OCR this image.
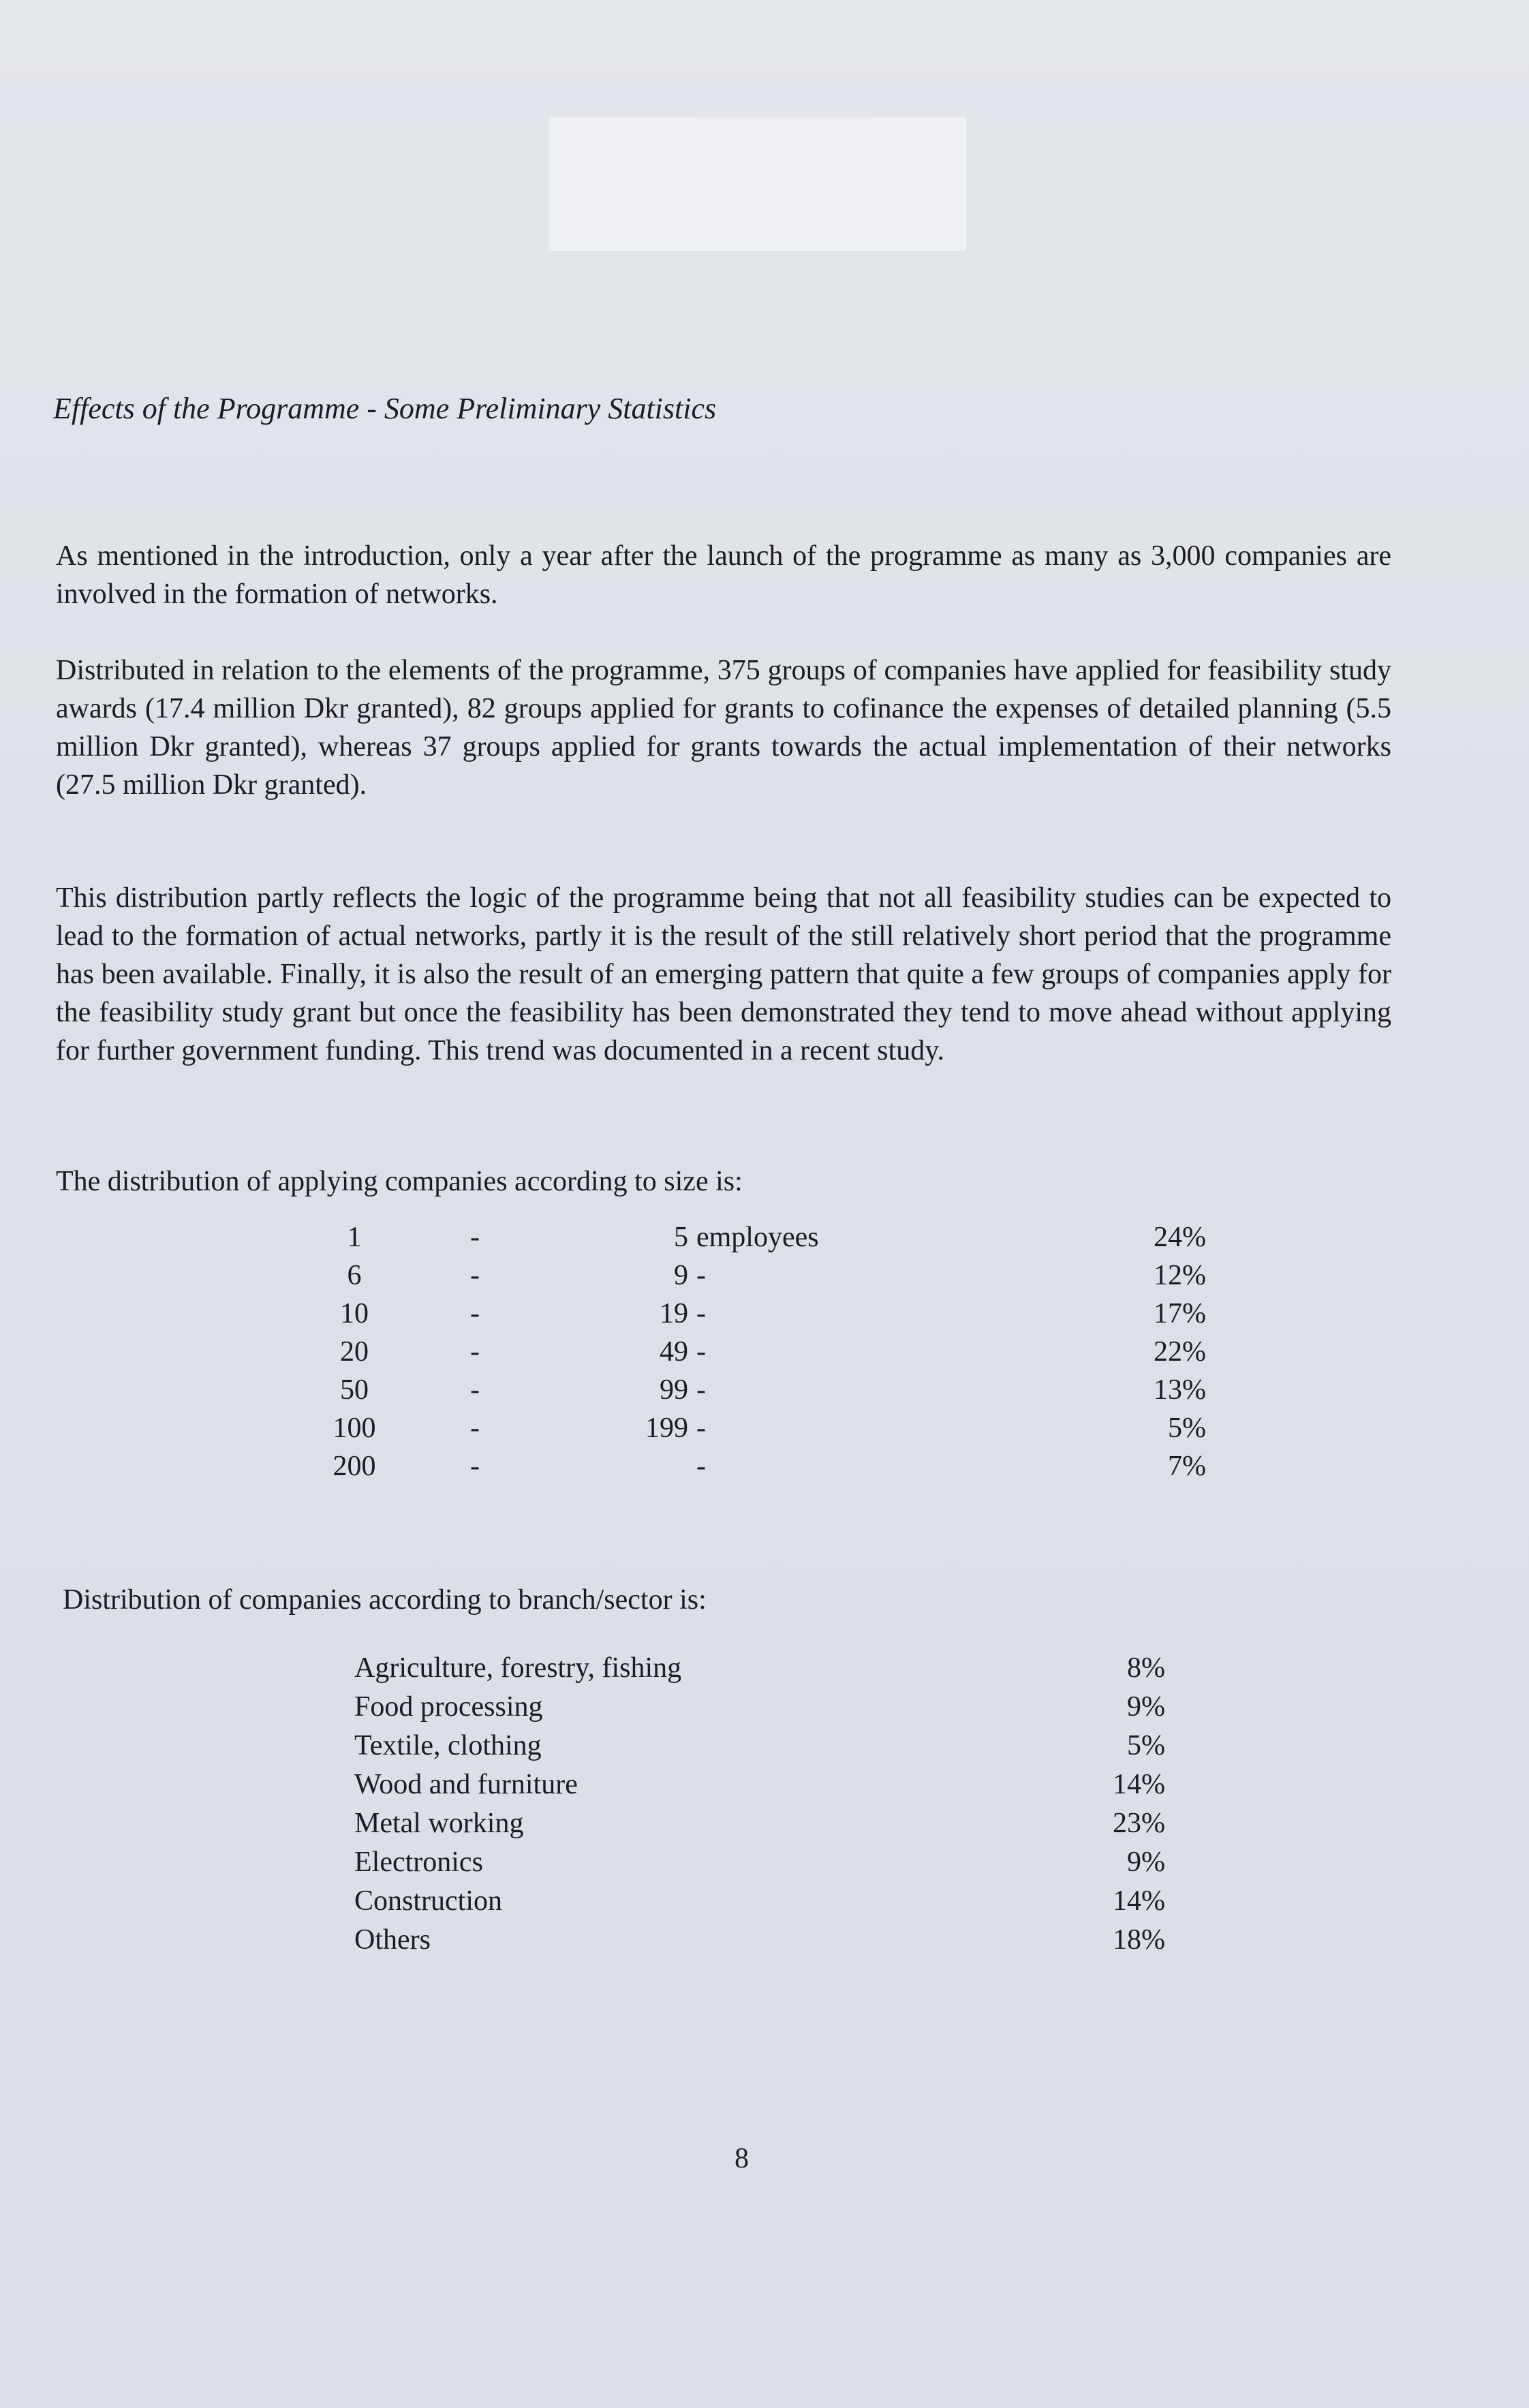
Effects of the Programme - Some Preliminary Statistics

As mentioned in the introduction, only a year after the launch of the programme as many as 3,000 companies are involved in the formation of networks.

Distributed in relation to the elements of the programme, 375 groups of companies have applied for feasibility study awards (17.4 million Dkr granted), 82 groups applied for grants to cofinance the expenses of detailed planning (5.5 million Dkr granted), whereas 37 groups applied for grants towards the actual implementation of their networks (27.5 million Dkr granted).

This distribution partly reflects the logic of the programme being that not all feasibility studies can be expected to lead to the formation of actual networks, partly it is the result of the still relatively short period that the programme has been available. Finally, it is also the result of an emerging pattern that quite a few groups of companies apply for the feasibility study grant but once the feasibility has been demonstrated they tend to move ahead without applying for further government funding. This trend was documented in a recent study.

The distribution of applying companies according to size is:

1	-	5 employees	24%
6	-	9 -	12%
10	-	19 -	17%
20	-	49 -	22%
50	-	99 -	13%
100	-	199 -	5%
200	-	-	7%

Distribution of companies according to branch/sector is:

Agriculture, forestry, fishing	8%
Food processing	9%
Textile, clothing	5%
Wood and furniture	14%
Metal working	23%
Electronics	9%
Construction	14%
Others	18%
8
